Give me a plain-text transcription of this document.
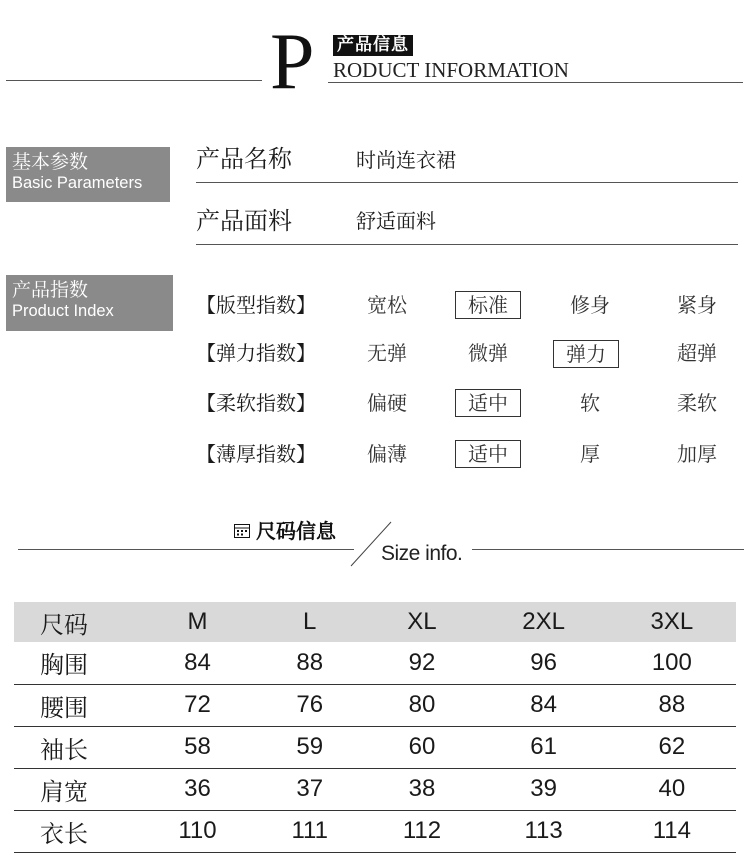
P 产品信息
RODUCT INFORMATION
基本参数
Basic Parameters
产品名称	时尚连衣裙
产品面料	舒适面料
产品指数
Product Index	【版型指数】	宽松	标准	修身	紧身
【弹力指数】	无弹	微弹	弹力	超弹
【柔软指数】	偏硬	适中	软	柔软
【薄厚指数】	偏薄	适中	厚	加厚
尺码信息
Size info.
尺码	M	L	XL	2XL	3XL
胸围	84	88	92	96	100
腰围	72	76	80	84	88
袖长	58	59	60	61	62
肩宽	36	37	38	39	40
衣长	110	111	112	113	114
